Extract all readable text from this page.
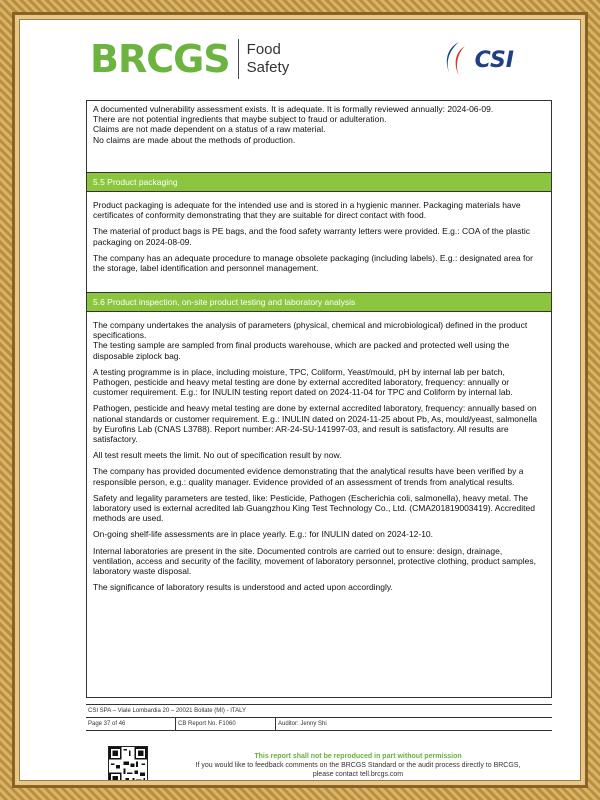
BRCGS Food
Safety	CSI

A documented vulnerability assessment exists. It is adequate. It is formally reviewed annually: 2024-06-09.

There are not potential ingredients that maybe subject to fraud or adulteration.

Claims are not made dependent on a status of a raw material.

No claims are made about the methods of production.

5.5 Product packaging

Product packaging is adequate for the intended use and is stored in a hygienic manner. Packaging materials have certificates of conformity demonstrating that they are suitable for direct contact with food.

The material of product bags is PE bags, and the food safety warranty letters were provided. E.g.: COA of the plastic packaging on 2024-08-09.

The company has an adequate procedure to manage obsolete packaging (including labels). E.g.: designated area for the storage, label identification and personnel management.

5.6 Product inspection, on-site product testing and laboratory analysis

The company undertakes the analysis of parameters (physical, chemical and microbiological) defined in the product specifications.

The testing sample are sampled from final products warehouse, which are packed and protected well using the disposable ziplock bag.

A testing programme is in place, including moisture, TPC, Coliform, Yeast/mould, pH by internal lab per batch, Pathogen, pesticide and heavy metal testing are done by external accredited laboratory, frequency: annually or customer requirement. E.g.: for INULIN testing report dated on 2024-11-04 for TPC and Coliform by internal lab.

Pathogen, pesticide and heavy metal testing are done by external accredited laboratory, frequency: annually based on national standards or customer requirement. E.g.: INULIN dated on 2024-11-25 about Pb, As, mould/yeast, salmonella by Eurofins Lab (CNAS L3788). Report number: AR-24-SU-141997-03, and result is satisfactory. All results are satisfactory.

All test result meets the limit. No out of specification result by now.

The company has provided documented evidence demonstrating that the analytical results have been verified by a responsible person, e.g.: quality manager. Evidence provided of an assessment of trends from analytical results.

Safety and legality parameters are tested, like: Pesticide, Pathogen (Escherichia coli, salmonella), heavy metal. The laboratory used is external acredited lab Guangzhou King Test Technology Co., Ltd. (CMA201819003419). Accredited methods are used.

On-going shelf-life assessments are in place yearly. E.g.: for INULIN dated on 2024-12-10.

Internal laboratories are present in the site. Documented controls are carried out to ensure: design, drainage, ventilation, access and security of the facility, movement of laboratory personnel, protective clothing, product samples, laboratory waste disposal.

The significance of laboratory results is understood and acted upon accordingly.

CSI SPA – Viale Lombardia 20 – 20021 Bollate (MI) - ITALY
Page 37 of 46	CB Report No. F1060	Auditor: Jenny Shi
This report shall not be reproduced in part without permission
If you would like to feedback comments on the BRCGS Standard or the audit process directly to BRCGS,
please contact tell.brcgs.com
